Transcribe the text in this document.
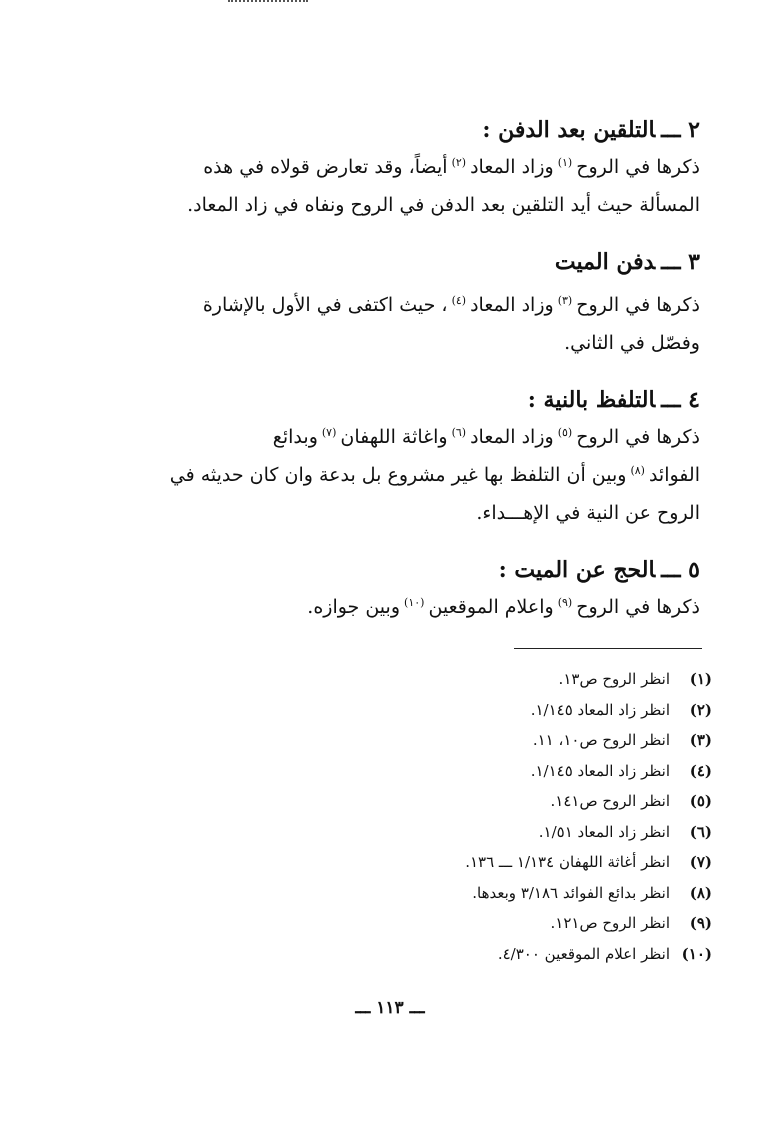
٢ ـــالتلقين بعد الدفن :

ذكرها في الروح$^{(١)}$وزاد المعاد$^{(٢)}$أيضاً، وقد تعارض قولاه في هذه

المسألة حيث أيد التلقين بعد الدفن في الروح ونفاه في زاد المعاد.

٣ ـــدفن الميت

ذكرها في الروح$^{(٣)}$وزاد المعاد$^{(٤)}$، حيث اكتفى في الأول بالإشارة

وفصّل في الثاني.

٤ ـــالتلفظ بالنية :

ذكرها في الروح$^{(٥)}$وزاد المعاد$^{(٦)}$واغاثة اللهفان$^{(٧)}$وبدائع

الفوائد$^{(٨)}$وبين أن التلفظ بها غير مشروع بل بدعة وان كان حديثه في

الروح عن النية في الإهـــداء.

٥ ـــالحج عن الميت :

ذكرها في الروح$^{(٩)}$واعلام الموقعين$^{(١٠)}$وبين جوازه.

(١)انظر الروح ص١٣.
(٢)انظر زاد المعاد ١/١٤٥.
(٣)انظر الروح ص١٠، ١١.
(٤)انظر زاد المعاد ١/١٤٥.
(٥)انظر الروح ص١٤١.
(٦)انظر زاد المعاد ١/٥١.
(٧)انظر أغاثة اللهفان ١/١٣٤ ـــ ١٣٦.
(٨)انظر بدائع الفوائد ٣/١٨٦ وبعدها.
(٩)انظر الروح ص١٢١.
(١٠)انظر اعلام الموقعين ٤/٣٠٠.
ـــ ١١٣ ـــ
